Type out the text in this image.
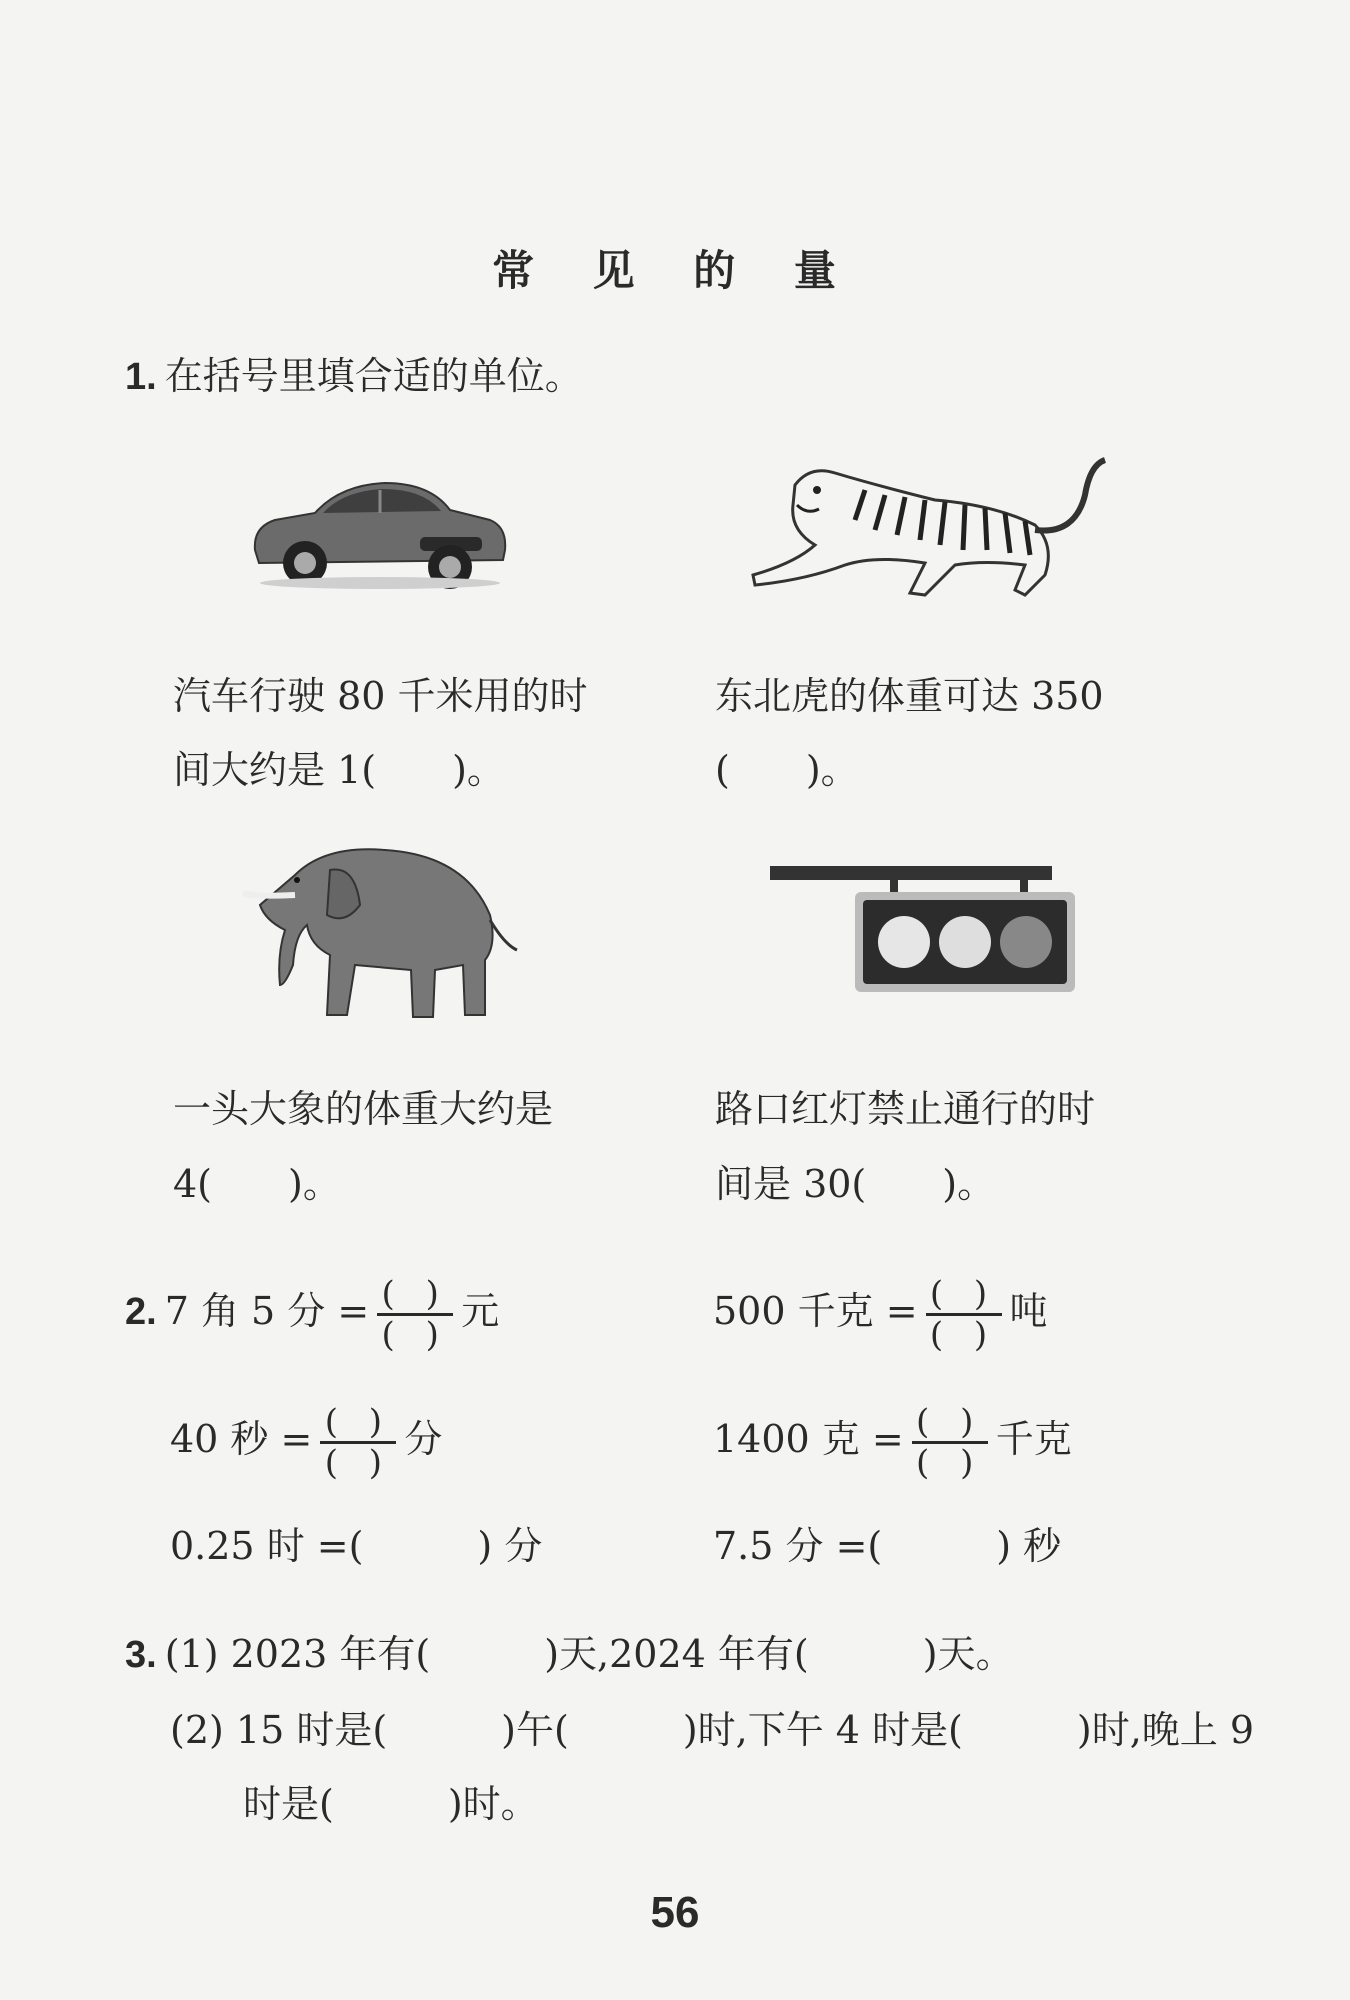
常 见 的 量
1. 在括号里填合适的单位。
汽车行驶 80 千米用的时
间大约是 1(　　)。
东北虎的体重可达 350
(　　)。
一头大象的体重大约是
4(　　)。
路口红灯禁止通行的时
间是 30(　　)。
2. 7 角 5 分 = $\frac{( )}{( )}$ 元	500 千克 = $\frac{( )}{( )}$ 吨
40 秒 = $\frac{( )}{( )}$ 分	1400 克 = $\frac{( )}{( )}$ 千克
0.25 时 =(　　　) 分	7.5 分 =(　　　) 秒
3. (1) 2023 年有(　　　)天,2024 年有(　　　)天。
(2) 15 时是(　　　)午(　　　)时,下午 4 时是(　　　)时,晚上 9
时是(　　　)时。
56
